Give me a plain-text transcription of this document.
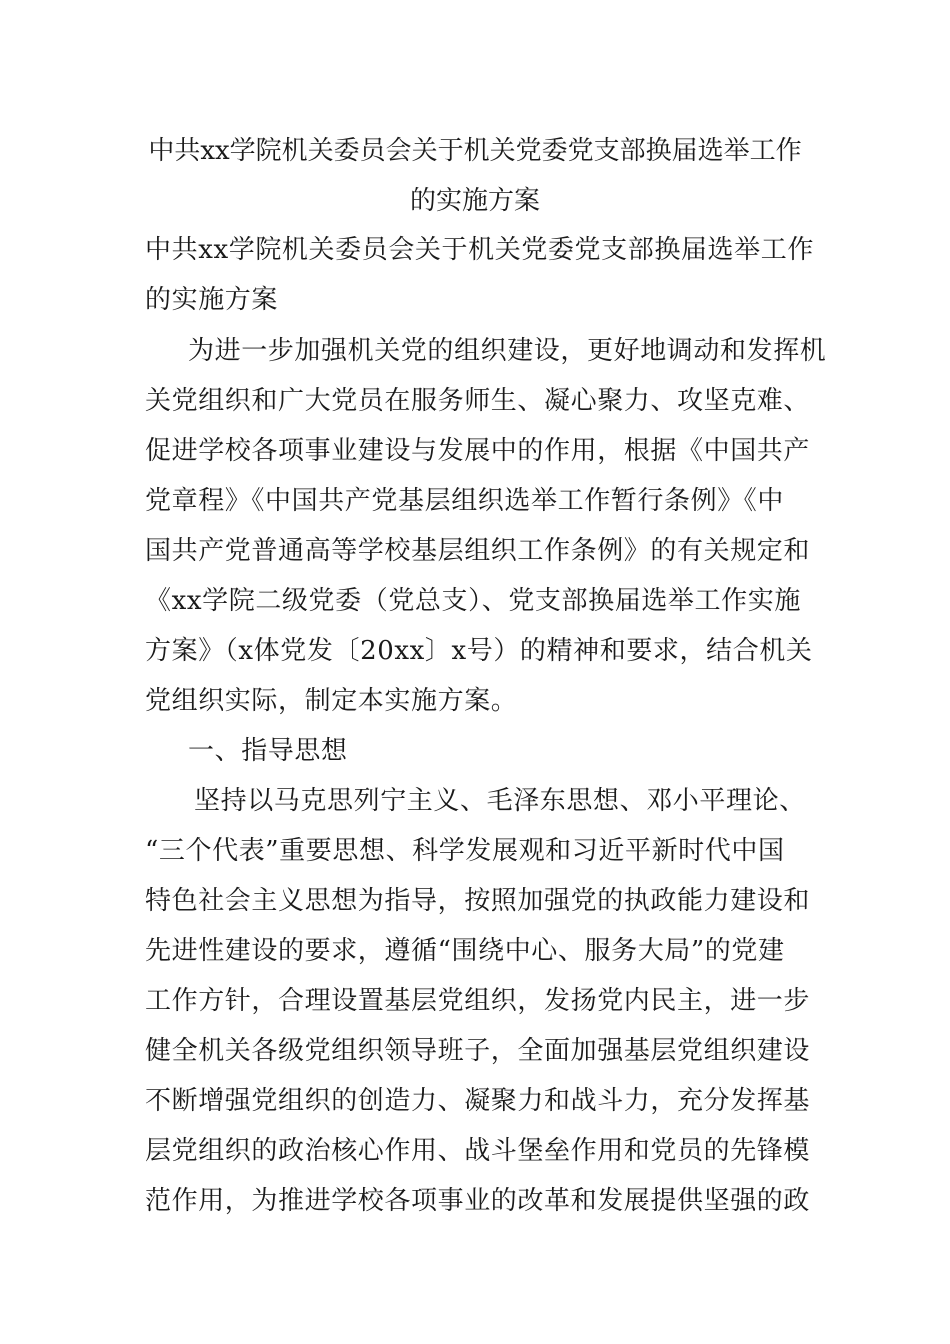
中共xx学院机关委员会关于机关党委党支部换届选举工作
的实施方案
中共xx学院机关委员会关于机关党委党支部换届选举工作
的实施方案
为进一步加强机关党的组织建设，更好地调动和发挥机
关党组织和广大党员在服务师生、凝心聚力、攻坚克难、
促进学校各项事业建设与发展中的作用，根据《中国共产
党章程》《中国共产党基层组织选举工作暂行条例》《中
国共产党普通高等学校基层组织工作条例》的有关规定和
《xx学院二级党委（党总支）、党支部换届选举工作实施
方案》（x体党发〔20xx〕x号）的精神和要求，结合机关
党组织实际，制定本实施方案。
一、指导思想
坚持以马克思列宁主义、毛泽东思想、邓小平理论、
“三个代表”重要思想、科学发展观和习近平新时代中国
特色社会主义思想为指导，按照加强党的执政能力建设和
先进性建设的要求，遵循“围绕中心、服务大局”的党建
工作方针，合理设置基层党组织，发扬党内民主，进一步
健全机关各级党组织领导班子，全面加强基层党组织建设
不断增强党组织的创造力、凝聚力和战斗力，充分发挥基
层党组织的政治核心作用、战斗堡垒作用和党员的先锋模
范作用，为推进学校各项事业的改革和发展提供坚强的政
